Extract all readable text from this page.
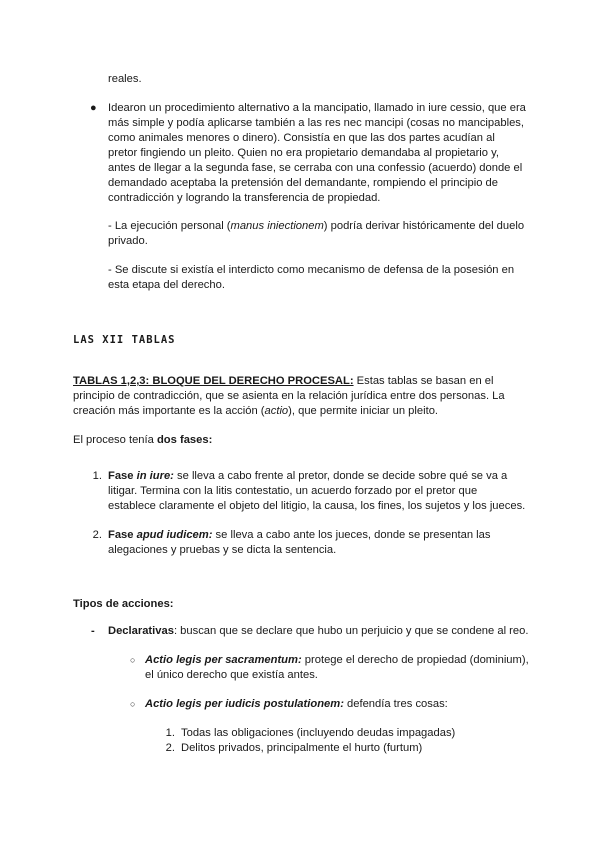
reales.

● Idearon un procedimiento alternativo a la mancipatio, llamado in iure cessio, que era más simple y podía aplicarse también a las res nec mancipi (cosas no mancipables, como animales menores o dinero). Consistía en que las dos partes acudían al pretor fingiendo un pleito. Quien no era propietario demandaba al propietario y, antes de llegar a la segunda fase, se cerraba con una confessio (acuerdo) donde el demandado aceptaba la pretensión del demandante, rompiendo el principio de contradicción y logrando la transferencia de propiedad.

- La ejecución personal (manus iniectionem) podría derivar históricamente del duelo privado.

- Se discute si existía el interdicto como mecanismo de defensa de la posesión en esta etapa del derecho.

LAS XII TABLAS

TABLAS 1,2,3: BLOQUE DEL DERECHO PROCESAL: Estas tablas se basan en el principio de contradicción, que se asienta en la relación jurídica entre dos personas. La creación más importante es la acción (actio), que permite iniciar un pleito.

El proceso tenía dos fases:

1. Fase in iure: se lleva a cabo frente al pretor, donde se decide sobre qué se va a litigar. Termina con la litis contestatio, un acuerdo forzado por el pretor que establece claramente el objeto del litigio, la causa, los fines, los sujetos y los jueces.

2. Fase apud iudicem: se lleva a cabo ante los jueces, donde se presentan las alegaciones y pruebas y se dicta la sentencia.

Tipos de acciones:

- Declarativas: buscan que se declare que hubo un perjuicio y que se condene al reo.

○ Actio legis per sacramentum: protege el derecho de propiedad (dominium), el único derecho que existía antes.

○ Actio legis per iudicis postulationem: defendía tres cosas:

1. Todas las obligaciones (incluyendo deudas impagadas)

2. Delitos privados, principalmente el hurto (furtum)
